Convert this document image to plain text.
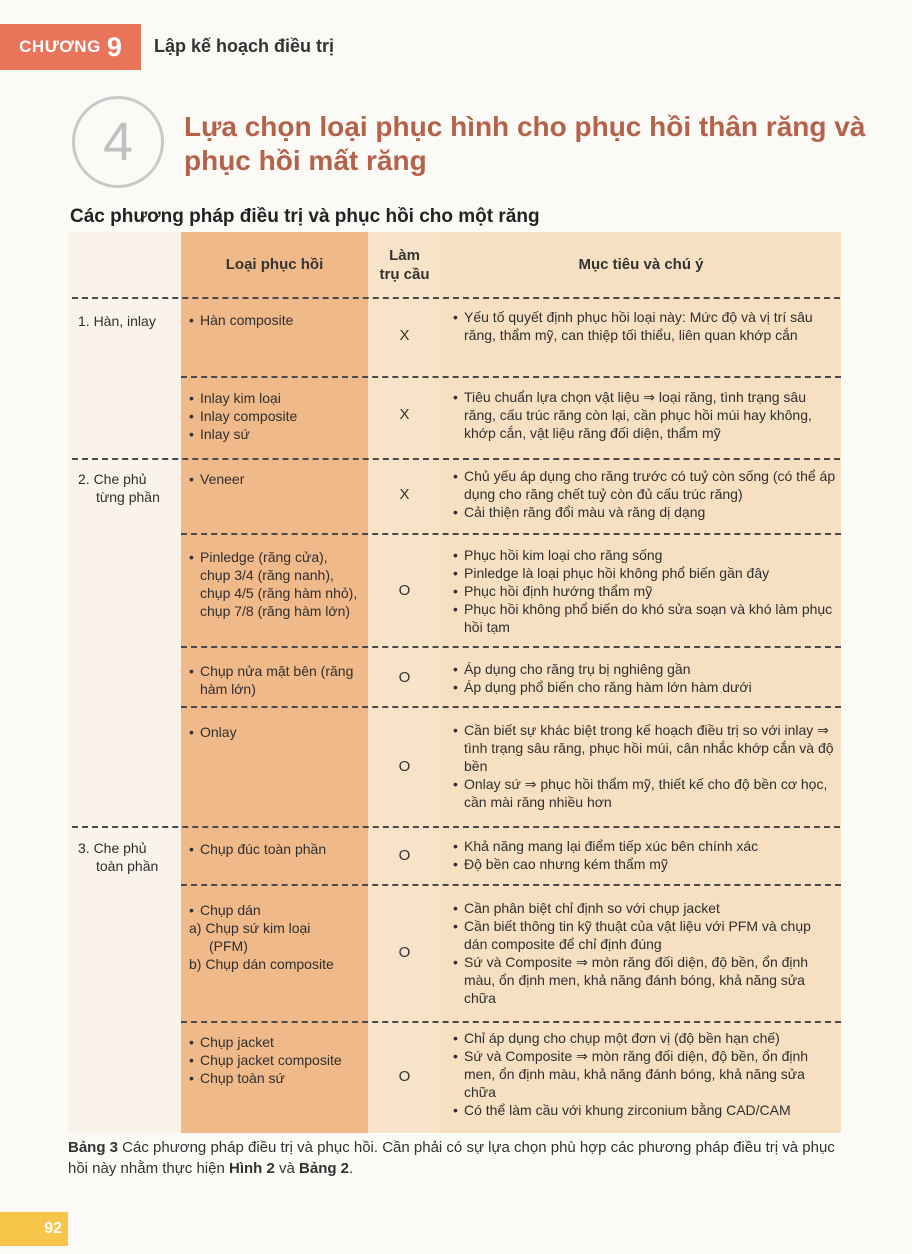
CHƯƠNG 9 Lập kế hoạch điều trị
4 Lựa chọn loại phục hình cho phục hồi thân răng và phục hồi mất răng
Các phương pháp điều trị và phục hồi cho một răng
Loại phục hồi
Làm
trụ cầu
Mục tiêu và chú ý
1. Hàn, inlay
2. Che phủ
từng phần
3. Che phủ
toàn phần
• Hàn composite
X
• Yếu tố quyết định phục hồi loại này: Mức độ và vị trí sâu răng, thẩm mỹ, can thiệp tối thiểu, liên quan khớp cắn
• Inlay kim loại
• Inlay composite
• Inlay sứ
X
• Tiêu chuẩn lựa chọn vật liệu ⇒ loại răng, tình trạng sâu răng, cấu trúc răng còn lại, cần phục hồi múi hay không, khớp cắn, vật liệu răng đối diện, thẩm mỹ
• Veneer
X
• Chủ yếu áp dụng cho răng trước có tuỷ còn sống (có thể áp dụng cho răng chết tuỷ còn đủ cấu trúc răng)
• Cải thiện răng đổi màu và răng dị dạng
• Pinledge (răng cửa), chụp 3/4 (răng nanh), chụp 4/5 (răng hàm nhỏ), chụp 7/8 (răng hàm lớn)
O
• Phục hồi kim loại cho răng sống
• Pinledge là loại phục hồi không phổ biến gần đây
• Phục hồi định hướng thẩm mỹ
• Phục hồi không phổ biến do khó sửa soạn và khó làm phục hồi tạm
• Chụp nửa mặt bên (răng hàm lớn)
O
•	Áp dụng cho răng trụ bị nghiêng gần
• Áp dụng phổ biến cho răng hàm lớn hàm dưới
• Onlay
O
• Cần biết sự khác biệt trong kế hoạch điều trị so với inlay ⇒ tình trạng sâu răng, phục hồi múi, cân nhắc khớp cắn và độ bền
• Onlay sứ ⇒ phục hồi thẩm mỹ, thiết kế cho độ bền cơ học, cần mài răng nhiều hơn
• Chụp đúc toàn phần	O
• Khả năng mang lại điểm tiếp xúc bên chính xác
• Độ bền cao nhưng kém thẩm mỹ
• Chụp dán
a) Chụp sứ kim loại
(PFM)
b) Chụp dán composite
O
• Cần phân biệt chỉ định so với chụp jacket
• Cần biết thông tin kỹ thuật của vật liệu với PFM và chụp dán composite để chỉ định đúng
• Sứ và Composite ⇒ mòn răng đối diện, độ bền, ổn định màu, ổn định men, khả năng đánh bóng, khả năng sửa chữa
• Chụp jacket
• Chụp jacket composite
• Chụp toàn sứ	O
• Chỉ áp dụng cho chụp một đơn vị (độ bền hạn chế)
• Sứ và Composite ⇒ mòn răng đối diện, độ bền, ổn định men, ổn định màu, khả năng đánh bóng, khả năng sửa chữa
• Có thể làm cầu với khung zirconium bằng CAD/CAM
Bảng 3 Các phương pháp điều trị và phục hồi. Cần phải có sự lựa chọn phù hợp các phương pháp điều trị và phục hồi này nhằm thực hiện Hình 2 và Bảng 2.
92
